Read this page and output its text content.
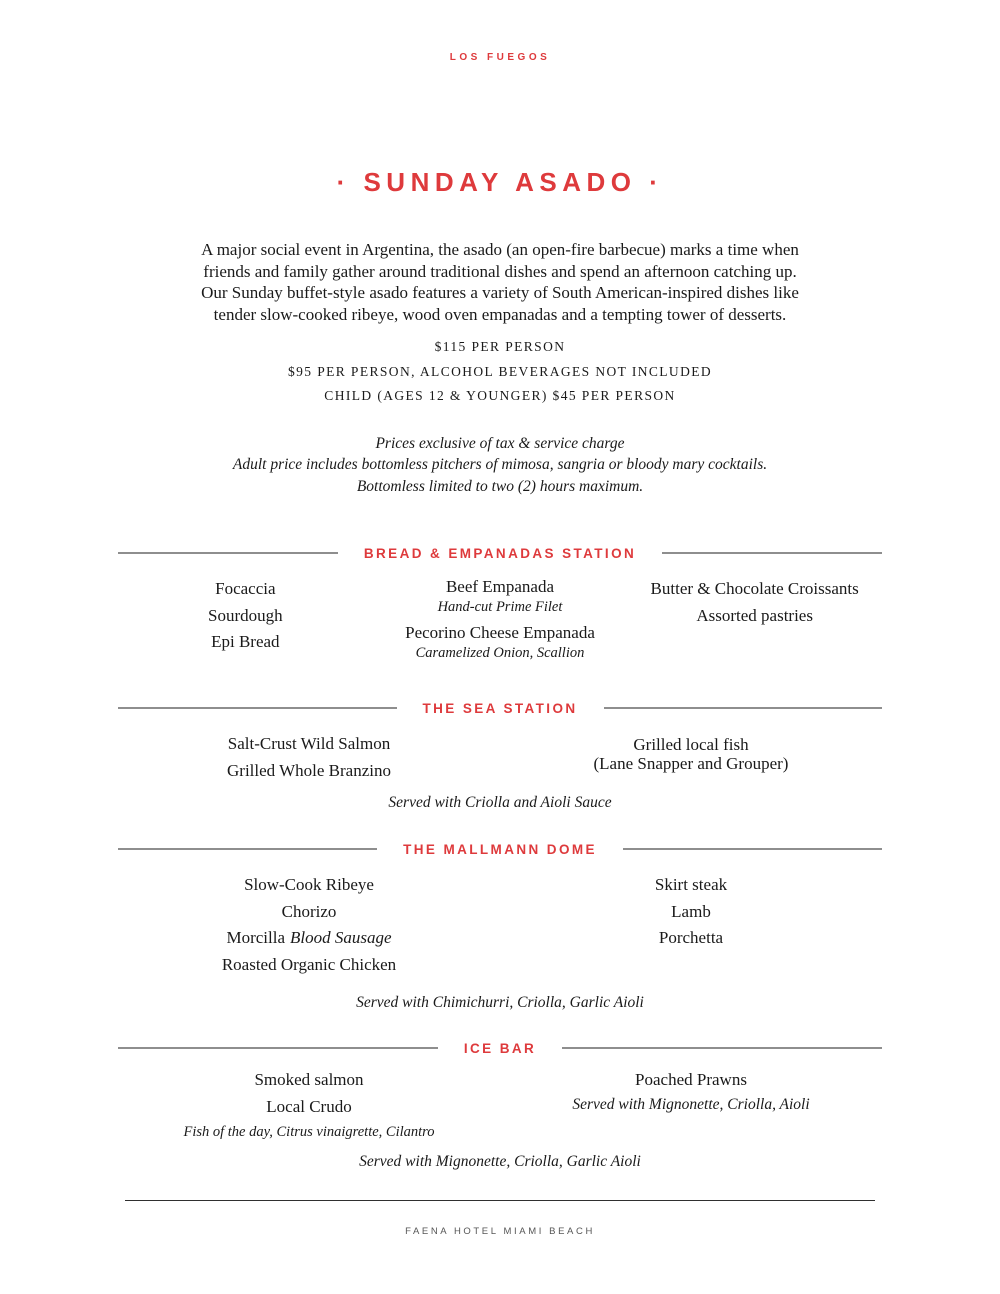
LOS FUEGOS
· SUNDAY ASADO ·
A major social event in Argentina, the asado (an open-fire barbecue) marks a time when
friends and family gather around traditional dishes and spend an afternoon catching up.
Our Sunday buffet-style asado features a variety of South American-inspired dishes like
tender slow-cooked ribeye, wood oven empanadas and a tempting tower of desserts.
$115 PER PERSON
$95 PER PERSON, ALCOHOL BEVERAGES NOT INCLUDED
CHILD (AGES 12 & YOUNGER) $45 PER PERSON
Prices exclusive of tax & service charge
Adult price includes bottomless pitchers of mimosa, sangria or bloody mary cocktails.
Bottomless limited to two (2) hours maximum.
BREAD & EMPANADAS STATION
Focaccia
Sourdough
Epi Bread
Beef Empanada
Hand-cut Prime Filet
Pecorino Cheese Empanada
Caramelized Onion, Scallion
Butter & Chocolate Croissants
Assorted pastries
THE SEA STATION
Salt-Crust Wild Salmon
Grilled Whole Branzino
Grilled local fish
(Lane Snapper and Grouper)
Served with Criolla and Aioli Sauce
THE MALLMANN DOME
Slow-Cook Ribeye
Chorizo
Morcilla Blood Sausage
Roasted Organic Chicken
Skirt steak
Lamb
Porchetta
Served with Chimichurri, Criolla, Garlic Aioli
ICE BAR
Smoked salmon
Local Crudo
Fish of the day, Citrus vinaigrette, Cilantro
Poached Prawns
Served with Mignonette, Criolla, Aioli
Served with Mignonette, Criolla, Garlic Aioli
FAENA HOTEL MIAMI BEACH
